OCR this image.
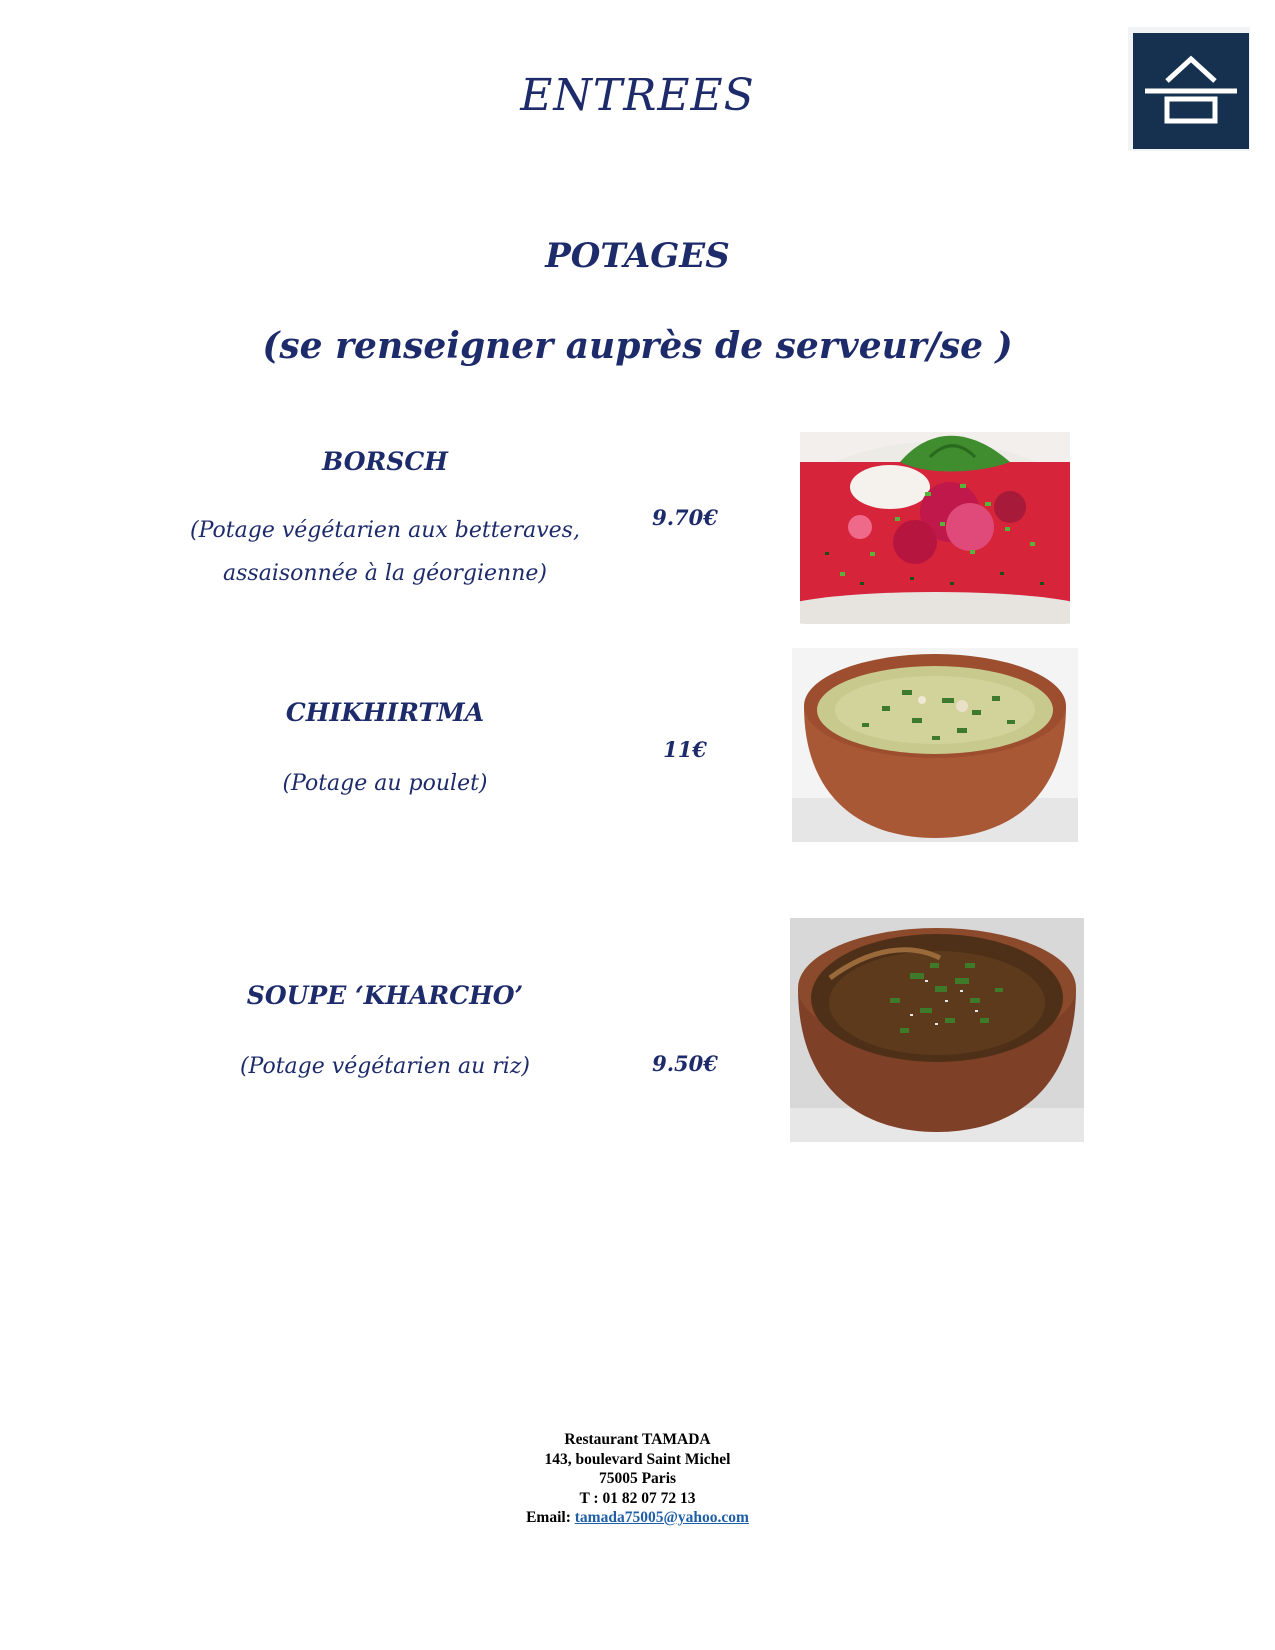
ENTREES
POTAGES
(se renseigner auprès de serveur/se )
BORSCH
(Potage végétarien aux betteraves,
assaisonnée à la géorgienne)
9.70€
CHIKHIRTMA
(Potage au poulet)
11€
SOUPE ‘KHARCHO’
(Potage végétarien au riz)	9.50€
Restaurant TAMADA
143, boulevard Saint Michel
75005 Paris
T : 01 82 07 72 13
Email: tamada75005@yahoo.com
